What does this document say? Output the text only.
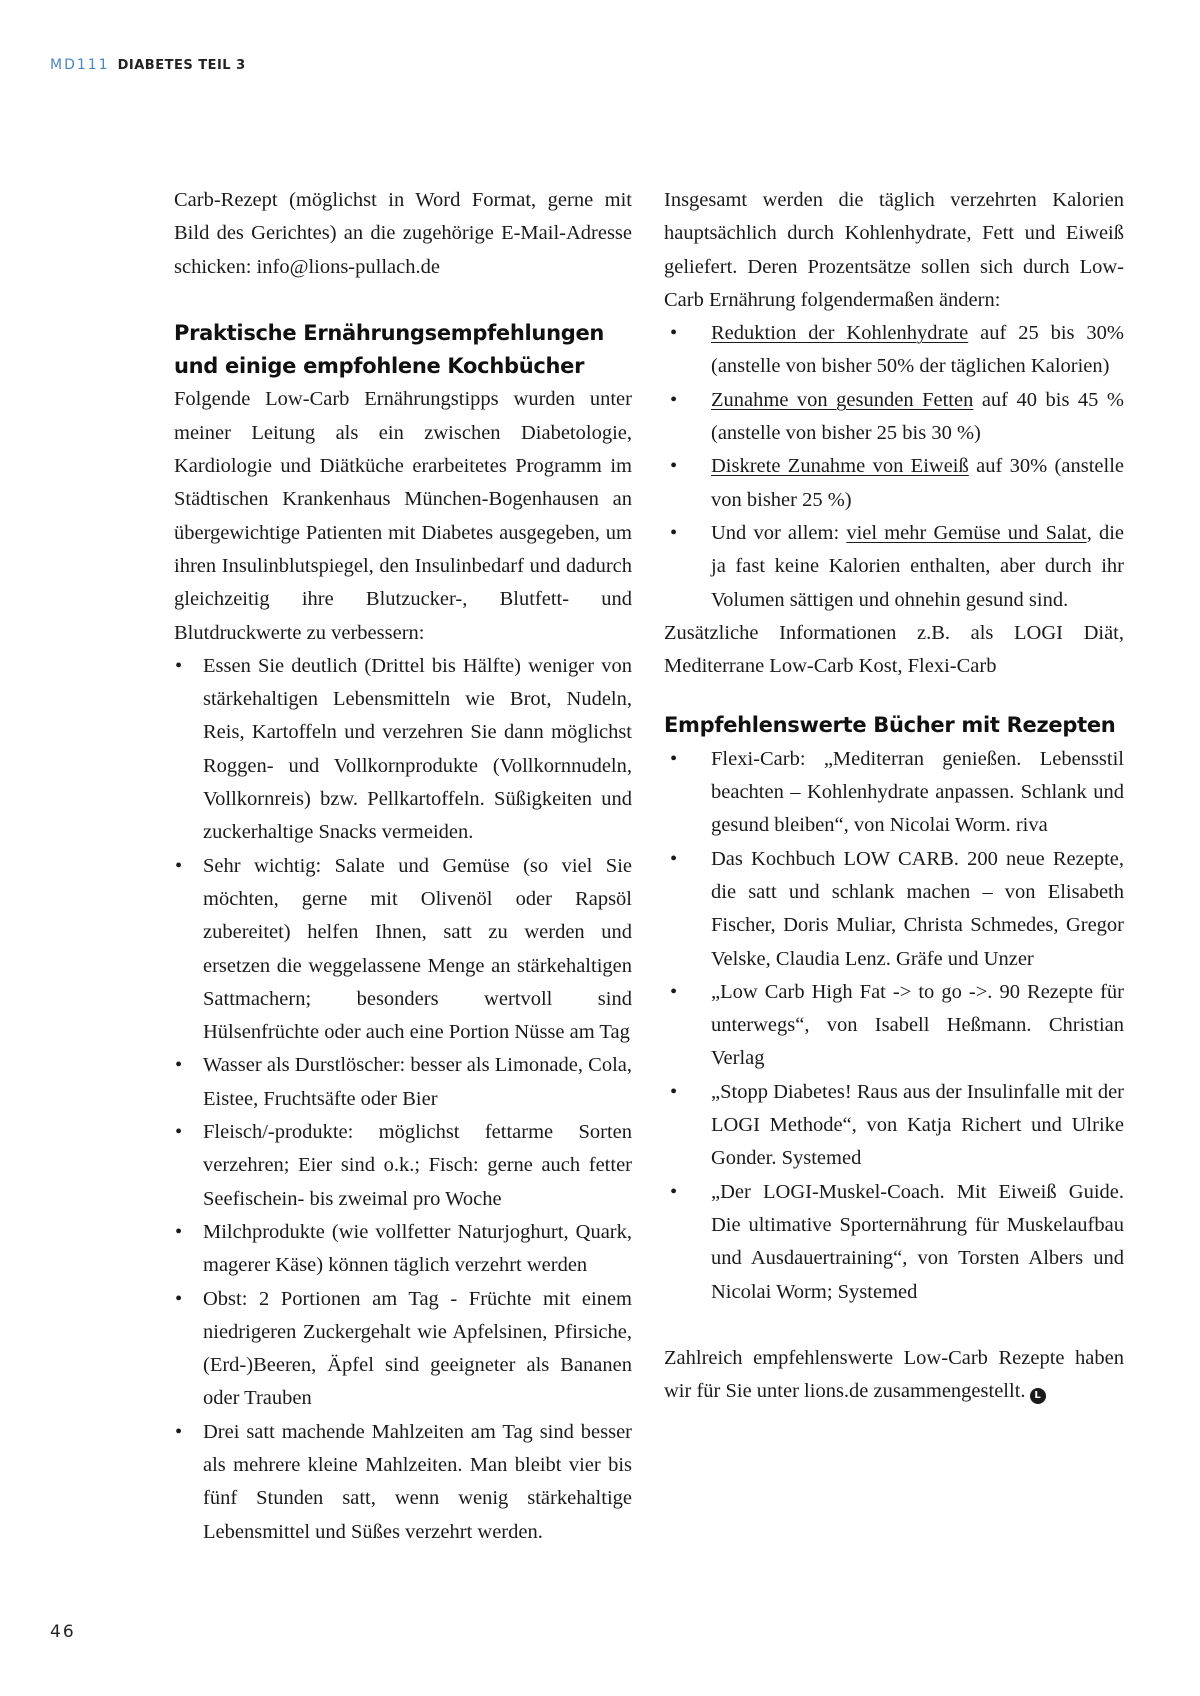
MD111 DIABETES TEIL 3

Carb-Rezept (möglichst in Word Format, gerne mit Bild des Gerichtes) an die zugehörige E-Mail-Adresse schicken: info@lions-pullach.de

Praktische Ernährungsempfehlungen
und einige empfohlene Kochbücher

Folgende Low-Carb Ernährungstipps wurden unter meiner Leitung als ein zwischen Diabetologie, Kardiologie und Diätküche erarbeitetes Programm im Städtischen Krankenhaus München-Bogenhausen an übergewichtige Patienten mit Diabetes ausgegeben, um ihren Insulinblutspiegel, den Insulinbedarf und dadurch gleichzeitig ihre Blutzucker-, Blutfett- und Blutdruckwerte zu verbessern:

• Essen Sie deutlich (Drittel bis Hälfte) weniger von stärkehaltigen Lebensmitteln wie Brot, Nudeln, Reis, Kartoffeln und verzehren Sie dann möglichst Roggen- und Vollkornprodukte (Vollkornnudeln, Vollkornreis) bzw. Pellkartoffeln. Süßigkeiten und zuckerhaltige Snacks vermeiden.
• Sehr wichtig: Salate und Gemüse (so viel Sie möchten, gerne mit Olivenöl oder Rapsöl zubereitet) helfen Ihnen, satt zu werden und ersetzen die weggelassene Menge an stärkehaltigen Sattmachern; besonders wertvoll sind Hülsenfrüchte oder auch eine Portion Nüsse am Tag
• Wasser als Durstlöscher: besser als Limonade, Cola, Eistee, Fruchtsäfte oder Bier
• Fleisch/-produkte: möglichst fettarme Sorten verzehren; Eier sind o.k.; Fisch: gerne auch fetter Seefischein- bis zweimal pro Woche
• Milchprodukte (wie vollfetter Naturjoghurt, Quark, magerer Käse) können täglich verzehrt werden
• Obst: 2 Portionen am Tag - Früchte mit einem niedrigeren Zuckergehalt wie Apfelsinen, Pfirsiche, (Erd-)Beeren, Äpfel sind geeigneter als Bananen oder Trauben
• Drei satt machende Mahlzeiten am Tag sind besser als mehrere kleine Mahlzeiten. Man bleibt vier bis fünf Stunden satt, wenn wenig stärkehaltige Lebensmittel und Süßes verzehrt werden.

Insgesamt werden die täglich verzehrten Kalorien hauptsächlich durch Kohlenhydrate, Fett und Eiweiß geliefert. Deren Prozentsätze sollen sich durch Low-Carb Ernährung folgendermaßen ändern:

• Reduktion der Kohlenhydrate auf 25 bis 30% (anstelle von bisher 50% der täglichen Kalorien)
• Zunahme von gesunden Fetten auf 40 bis 45 % (anstelle von bisher 25 bis 30 %)
• Diskrete Zunahme von Eiweiß auf 30% (anstelle von bisher 25 %)
• Und vor allem: viel mehr Gemüse und Salat, die ja fast keine Kalorien enthalten, aber durch ihr Volumen sättigen und ohnehin gesund sind.

Zusätzliche Informationen z.B. als LOGI Diät, Mediterrane Low-Carb Kost, Flexi-Carb

Empfehlenswerte Bücher mit Rezepten
• Flexi-Carb: „Mediterran genießen. Lebensstil beachten – Kohlenhydrate anpassen. Schlank und gesund bleiben“, von Nicolai Worm. riva
• Das Kochbuch LOW CARB. 200 neue Rezepte, die satt und schlank machen – von Elisabeth Fischer, Doris Muliar, Christa Schmedes, Gregor Velske, Claudia Lenz. Gräfe und Unzer
• „Low Carb High Fat -> to go ->. 90 Rezepte für unterwegs“, von Isabell Heßmann. Christian Verlag
• „Stopp Diabetes! Raus aus der Insulinfalle mit der LOGI Methode“, von Katja Richert und Ulrike Gonder. Systemed
• „Der LOGI-Muskel-Coach. Mit Eiweiß Guide. Die ultimative Sporternährung für Muskelaufbau und Ausdauertraining“, von Torsten Albers und Nicolai Worm; Systemed

Zahlreich empfehlenswerte Low-Carb Rezepte haben wir für Sie unter lions.de zusammengestellt. L

46
